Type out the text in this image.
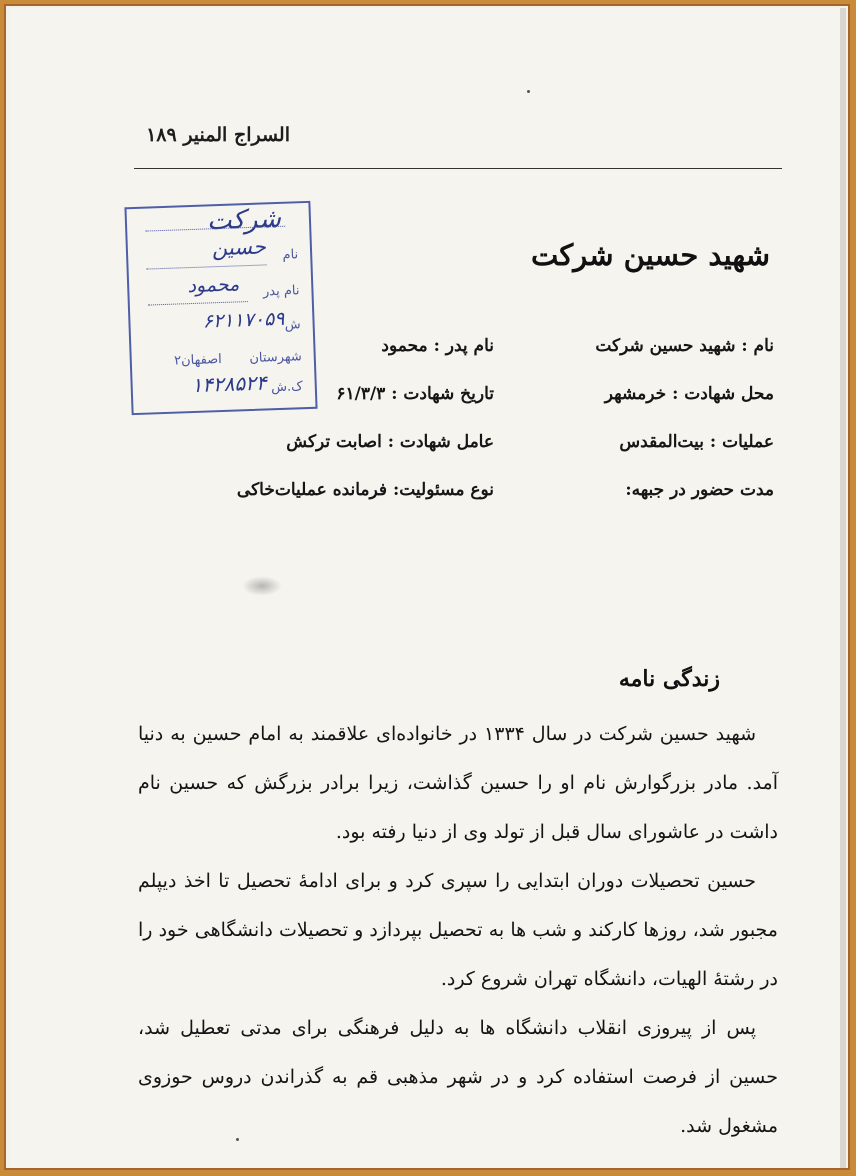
السراج المنير ۱۸۹
شهید حسین شرکت
نام : شهید حسین شرکت
نام پدر : محمود
محل شهادت : خرمشهر
تاریخ شهادت : ۶۱/۳/۳
عملیات : بیت‌المقدس
عامل شهادت : اصابت ترکش
مدت حضور در جبهه:
نوع مسئولیت: فرمانده عملیات‌خاکی
شرکت
نام
حسین
نام پدر
محمود
ش
۶۲۱۱۷۰۵۹
شهرستان
اصفهان۲
ک.ش
۱۴۲۸۵۲۴
زندگی نامه

شهید حسین شرکت در سال ۱۳۳۴ در خانواده‌ای علاقمند به امام حسین به دنیا آمد. مادر بزرگوارش نام او را حسین گذاشت، زیرا برادر بزرگش که حسین نام داشت در عاشورای سال قبل از تولد وی از دنیا رفته بود.

حسین تحصیلات دوران ابتدایی را سپری کرد و برای ادامهٔ تحصیل تا اخذ دیپلم مجبور شد، روزها کارکند و شب ها به تحصیل بپردازد و تحصیلات دانشگاهی خود را در رشتهٔ الهیات، دانشگاه تهران شروع کرد.

پس از پیروزی انقلاب دانشگاه ها به دلیل فرهنگی برای مدتی تعطیل شد، حسین از فرصت استفاده کرد و در شهر مذهبی قم به گذراندن دروس حوزوی مشغول شد.
